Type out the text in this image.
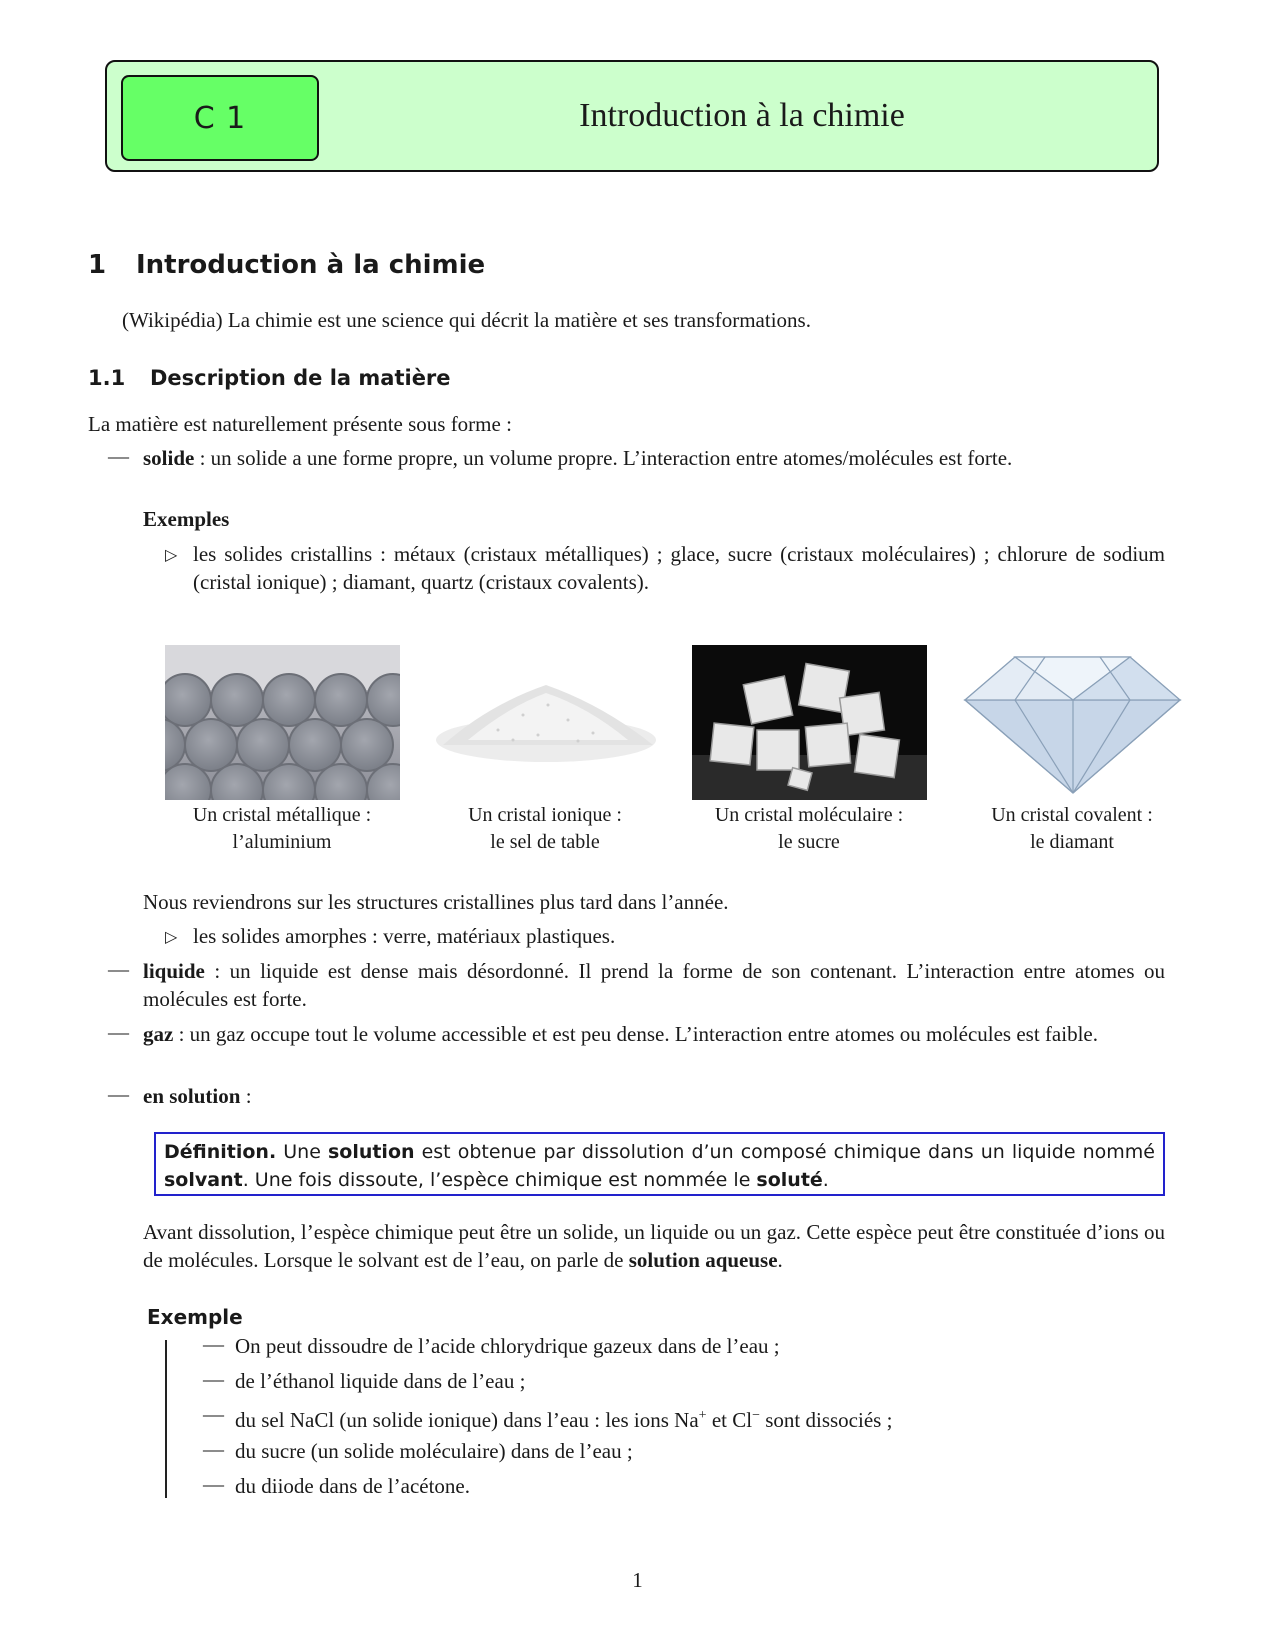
C 1	Introduction à la chimie
1 Introduction à la chimie
(Wikipédia) La chimie est une science qui décrit la matière et ses transformations.
1.1 Description de la matière
La matière est naturellement présente sous forme :
— solide : un solide a une forme propre, un volume propre. L’interaction entre atomes/molécules est forte.
Exemples
▷ les solides cristallins : métaux (cristaux métalliques) ; glace, sucre (cristaux moléculaires) ; chlorure de sodium (cristal ionique) ; diamant, quartz (cristaux covalents).
Un cristal métallique :
l’aluminium
Un cristal ionique :
le sel de table
Un cristal moléculaire :
le sucre
Un cristal covalent :
le diamant
Nous reviendrons sur les structures cristallines plus tard dans l’année.
▷ les solides amorphes : verre, matériaux plastiques.
— liquide : un liquide est dense mais désordonné. Il prend la forme de son contenant. L’interaction entre atomes ou molécules est forte.
— gaz : un gaz occupe tout le volume accessible et est peu dense. L’interaction entre atomes ou molécules est faible.
— en solution :
Définition. Une solution est obtenue par dissolution d’un composé chimique dans un liquide nommé solvant. Une fois dissoute, l’espèce chimique est nommée le soluté.
Avant dissolution, l’espèce chimique peut être un solide, un liquide ou un gaz. Cette espèce peut être constituée d’ions ou de molécules. Lorsque le solvant est de l’eau, on parle de solution aqueuse.
Exemple
— On peut dissoudre de l’acide chlorydrique gazeux dans de l’eau ;
— de l’éthanol liquide dans de l’eau ;
— du sel NaCl (un solide ionique) dans l’eau : les ions Na+ et Cl− sont dissociés ;
— du sucre (un solide moléculaire) dans de l’eau ;
— du diiode dans de l’acétone.
1
